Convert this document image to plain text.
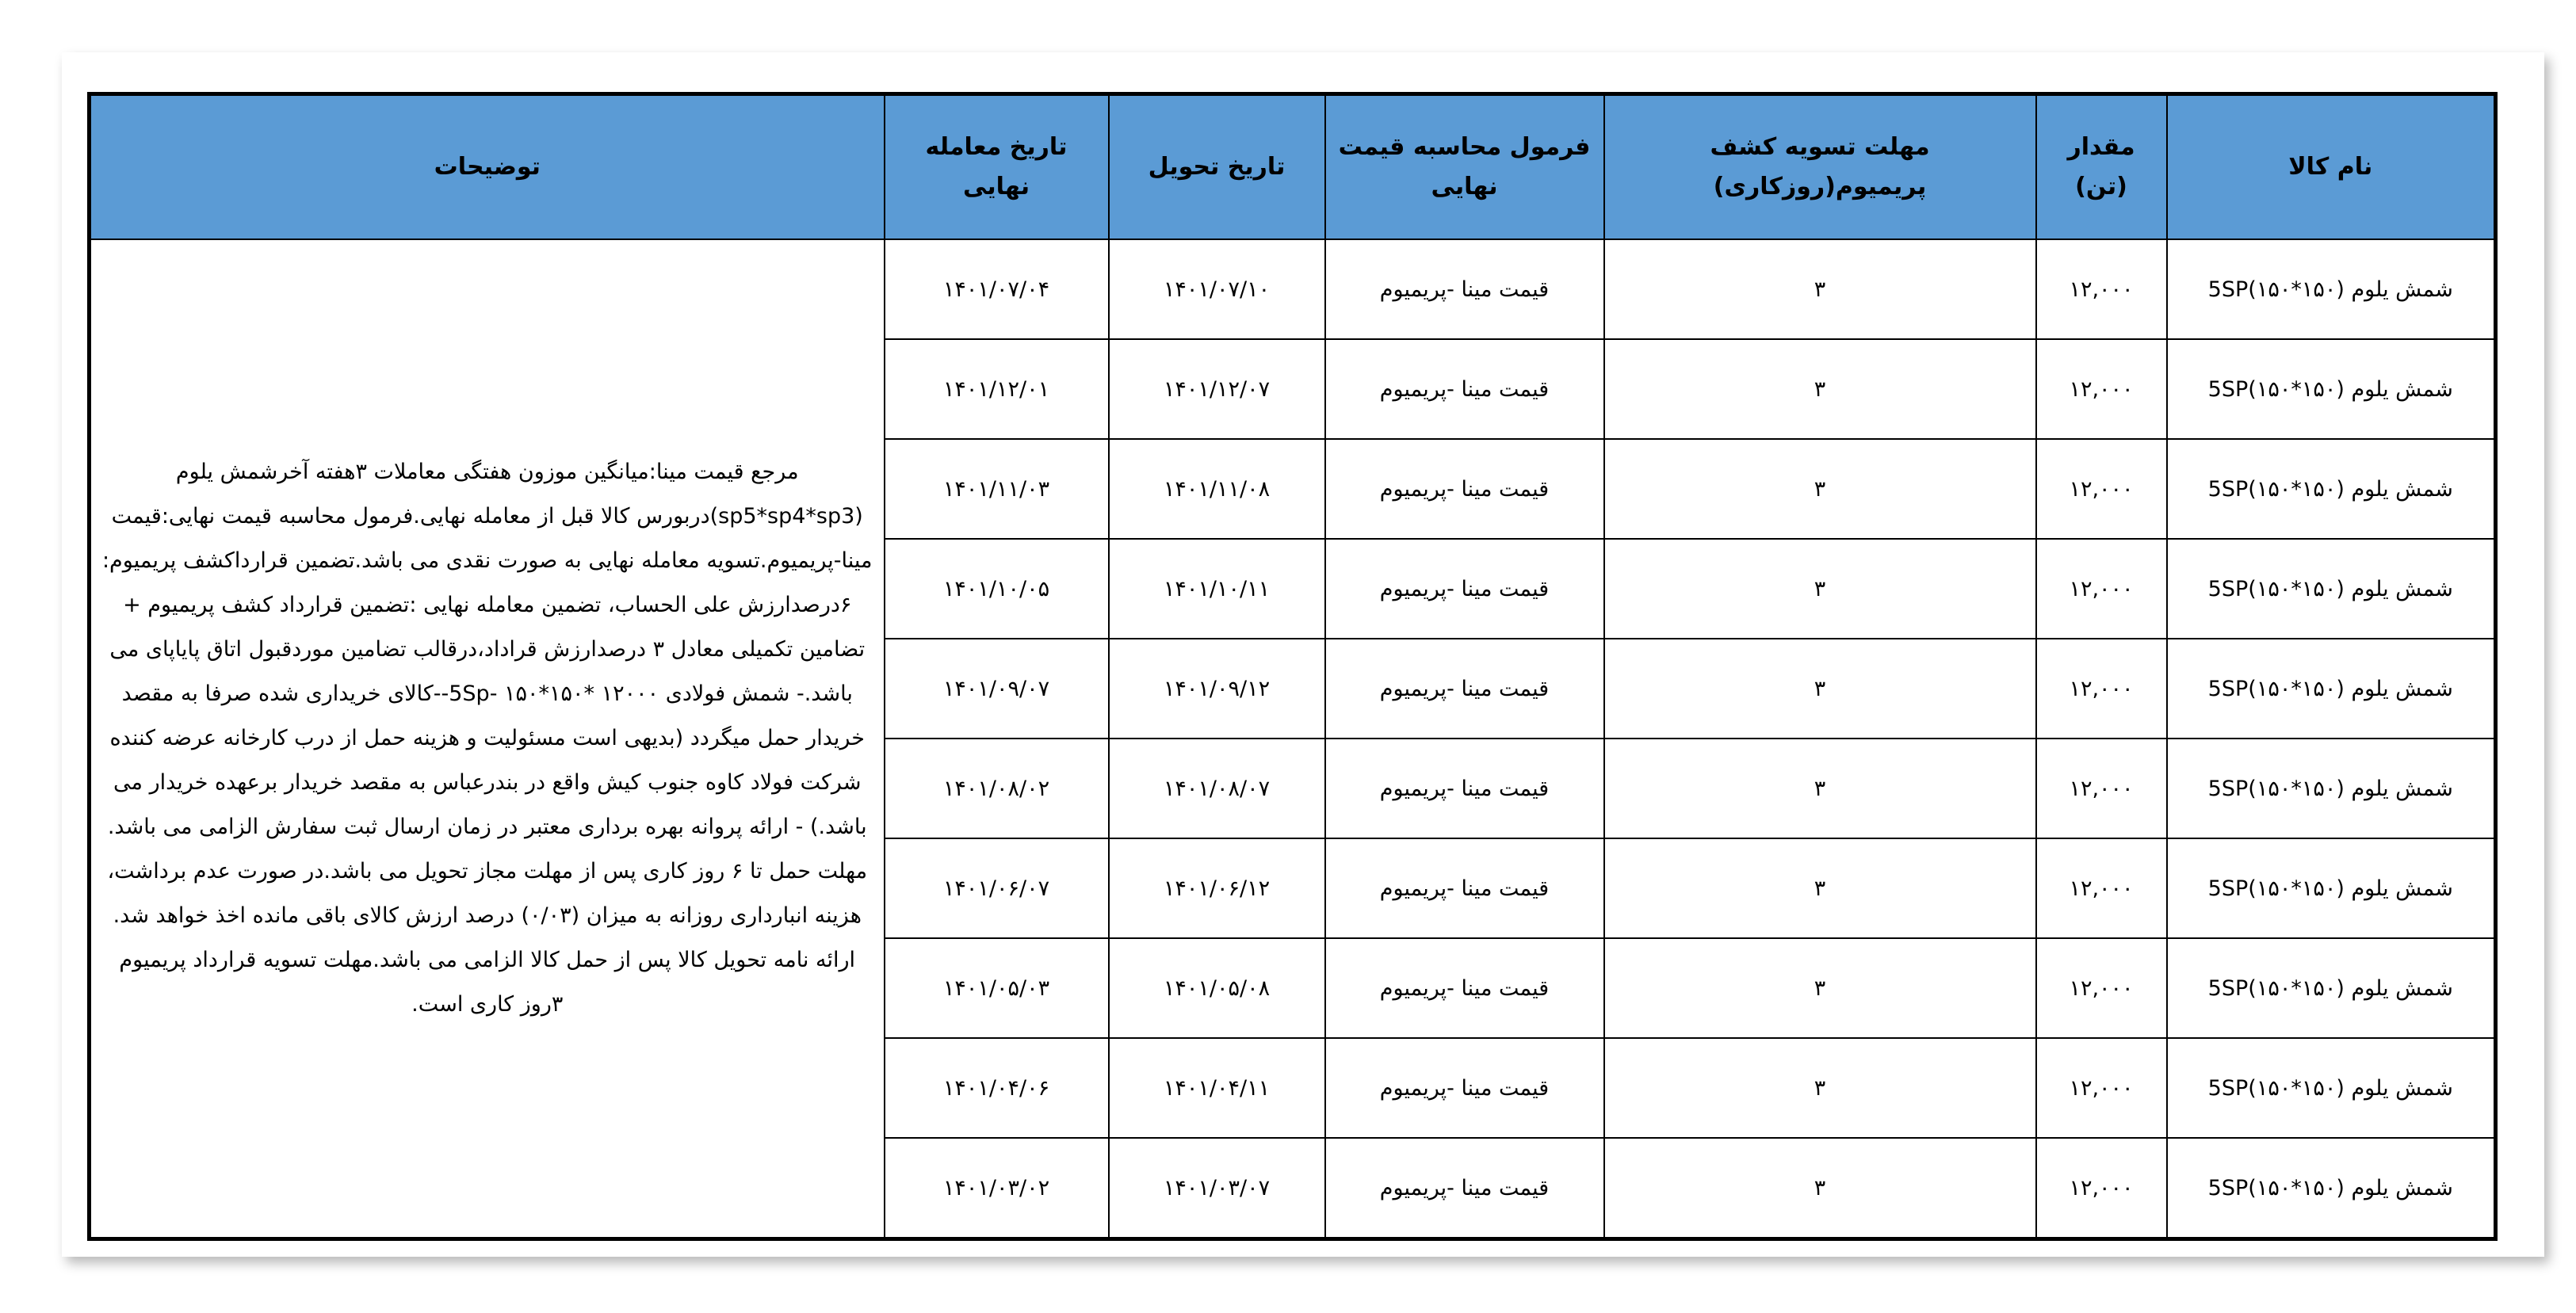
نام کالا	مقدار (تن)	مهلت تسویه کشف پریمیوم(روزکاری)	فرمول محاسبه قیمت نهایی	تاریخ تحویل	تاریخ معامله نهایی	توضیحات
شمش یلوم (۱۵۰*۱۵۰)5SP	۱۲,۰۰۰	۳	قیمت مینا -پریمیوم	۱۴۰۱/۰۷/۱۰	۱۴۰۱/۰۷/۰۴	مرجع قیمت مینا:میانگین موزون هفتگی معاملات ۳هفته آخرشمش یلوم (sp5*sp4*sp3)دربورس کالا قبل از معامله نهایی.فرمول محاسبه قیمت نهایی:قیمت مینا-پریمیوم.تسویه معامله نهایی به صورت نقدی می باشد.تضمین قرارداکشف پریمیوم: ۶درصدارزش علی الحساب، تضمین معامله نهایی :تضمین قرارداد کشف پریمیوم + تضامین تکمیلی معادل ۳ درصدارزش قراداد،درقالب تضامین موردقبول اتاق پایاپای می باشد.- شمش فولادی ۱۲۰۰۰ *۱۵۰*۱۵۰ -5Sp--کالای خریداری شده صرفا به مقصد خریدار حمل میگردد (بدیهی است مسئولیت و هزینه حمل از درب کارخانه عرضه کننده شرکت فولاد کاوه جنوب کیش واقع در بندرعباس به مقصد خریدار برعهده خریدار می باشد.) - ارائه پروانه بهره برداری معتبر در زمان ارسال ثبت سفارش الزامی می باشد. مهلت حمل تا ۶ روز کاری پس از مهلت مجاز تحویل می باشد.در صورت عدم برداشت، هزینه انبارداری روزانه به میزان (۰/۰۳) درصد ارزش کالای باقی مانده اخذ خواهد شد. ارائه نامه تحویل کالا پس از حمل کالا الزامی می باشد.مهلت تسویه قرارداد پریمیوم ۳روز کاری است.
شمش یلوم (۱۵۰*۱۵۰)5SP	۱۲,۰۰۰	۳	قیمت مینا -پریمیوم	۱۴۰۱/۱۲/۰۷	۱۴۰۱/۱۲/۰۱	
شمش یلوم (۱۵۰*۱۵۰)5SP	۱۲,۰۰۰	۳	قیمت مینا -پریمیوم	۱۴۰۱/۱۱/۰۸	۱۴۰۱/۱۱/۰۳	
شمش یلوم (۱۵۰*۱۵۰)5SP	۱۲,۰۰۰	۳	قیمت مینا -پریمیوم	۱۴۰۱/۱۰/۱۱	۱۴۰۱/۱۰/۰۵	
شمش یلوم (۱۵۰*۱۵۰)5SP	۱۲,۰۰۰	۳	قیمت مینا -پریمیوم	۱۴۰۱/۰۹/۱۲	۱۴۰۱/۰۹/۰۷	
شمش یلوم (۱۵۰*۱۵۰)5SP	۱۲,۰۰۰	۳	قیمت مینا -پریمیوم	۱۴۰۱/۰۸/۰۷	۱۴۰۱/۰۸/۰۲	
شمش یلوم (۱۵۰*۱۵۰)5SP	۱۲,۰۰۰	۳	قیمت مینا -پریمیوم	۱۴۰۱/۰۶/۱۲	۱۴۰۱/۰۶/۰۷	
شمش یلوم (۱۵۰*۱۵۰)5SP	۱۲,۰۰۰	۳	قیمت مینا -پریمیوم	۱۴۰۱/۰۵/۰۸	۱۴۰۱/۰۵/۰۳	
شمش یلوم (۱۵۰*۱۵۰)5SP	۱۲,۰۰۰	۳	قیمت مینا -پریمیوم	۱۴۰۱/۰۴/۱۱	۱۴۰۱/۰۴/۰۶	
شمش یلوم (۱۵۰*۱۵۰)5SP	۱۲,۰۰۰	۳	قیمت مینا -پریمیوم	۱۴۰۱/۰۳/۰۷	۱۴۰۱/۰۳/۰۲	
